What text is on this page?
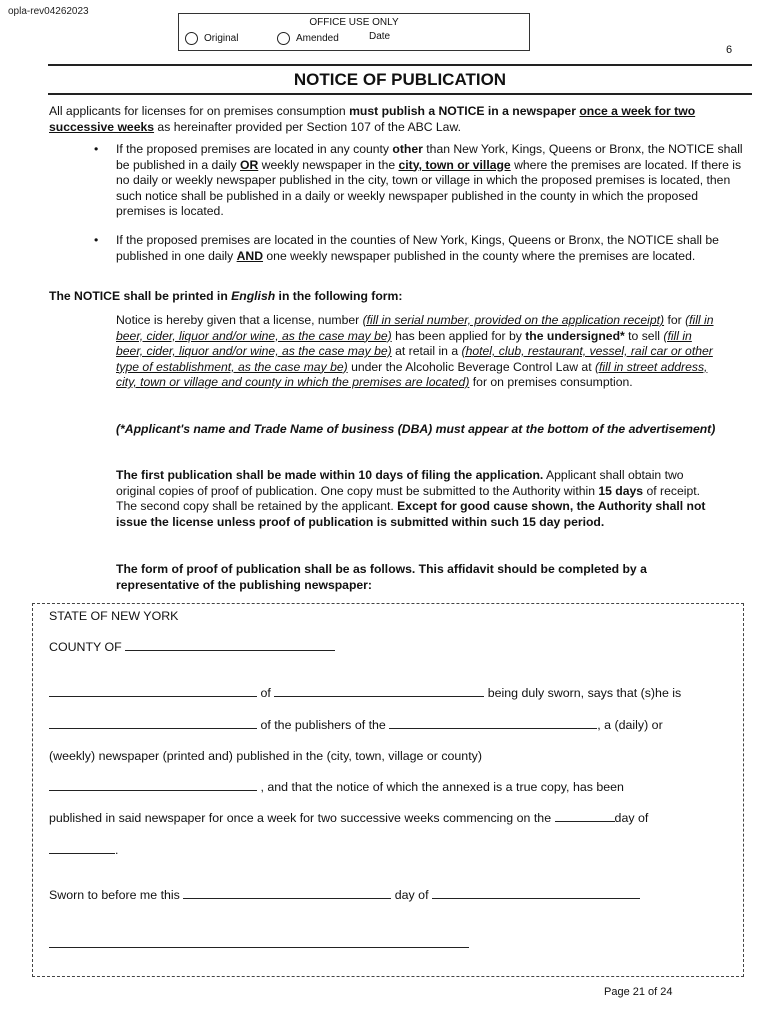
opla-rev04262023
OFFICE USE ONLY
Original	Amended	Date
6
NOTICE OF PUBLICATION
All applicants for licenses for on premises consumption must publish a NOTICE in a newspaper once a week for two successive weeks as hereinafter provided per Section 107 of the ABC Law.
• If the proposed premises are located in any county other than New York, Kings, Queens or Bronx, the NOTICE shall be published in a daily OR weekly newspaper in the city, town or village where the premises are located. If there is no daily or weekly newspaper published in the city, town or village in which the proposed premises is located, then such notice shall be published in a daily or weekly newspaper published in the county in which the proposed premises is located.
• If the proposed premises are located in the counties of New York, Kings, Queens or Bronx, the NOTICE shall be published in one daily AND one weekly newspaper published in the county where the premises are located.
The NOTICE shall be printed in English in the following form:
Notice is hereby given that a license, number (fill in serial number, provided on the application receipt) for (fill in beer, cider, liquor and/or wine, as the case may be) has been applied for by the undersigned* to sell (fill in beer, cider, liquor and/or wine, as the case may be) at retail in a (hotel, club, restaurant, vessel, rail car or other type of establishment, as the case may be) under the Alcoholic Beverage Control Law at (fill in street address, city, town or village and county in which the premises are located) for on premises consumption.
(*Applicant's name and Trade Name of business (DBA) must appear at the bottom of the advertisement)
The first publication shall be made within 10 days of filing the application. Applicant shall obtain two original copies of proof of publication. One copy must be submitted to the Authority within 15 days of receipt. The second copy shall be retained by the applicant. Except for good cause shown, the Authority shall not issue the license unless proof of publication is submitted within such 15 day period.
The form of proof of publication shall be as follows. This affidavit should be completed by a representative of the publishing newspaper:
STATE OF NEW YORK
COUNTY OF
of	being duly sworn, says that (s)he is
of the publishers of the	, a (daily) or
(weekly) newspaper (printed and) published in the (city, town, village or county)
, and that the notice of which the annexed is a true copy, has been
published in said newspaper for once a week for two successive weeks commencing on the	day of
.
Sworn to before me this	day of
Page 21 of 24
